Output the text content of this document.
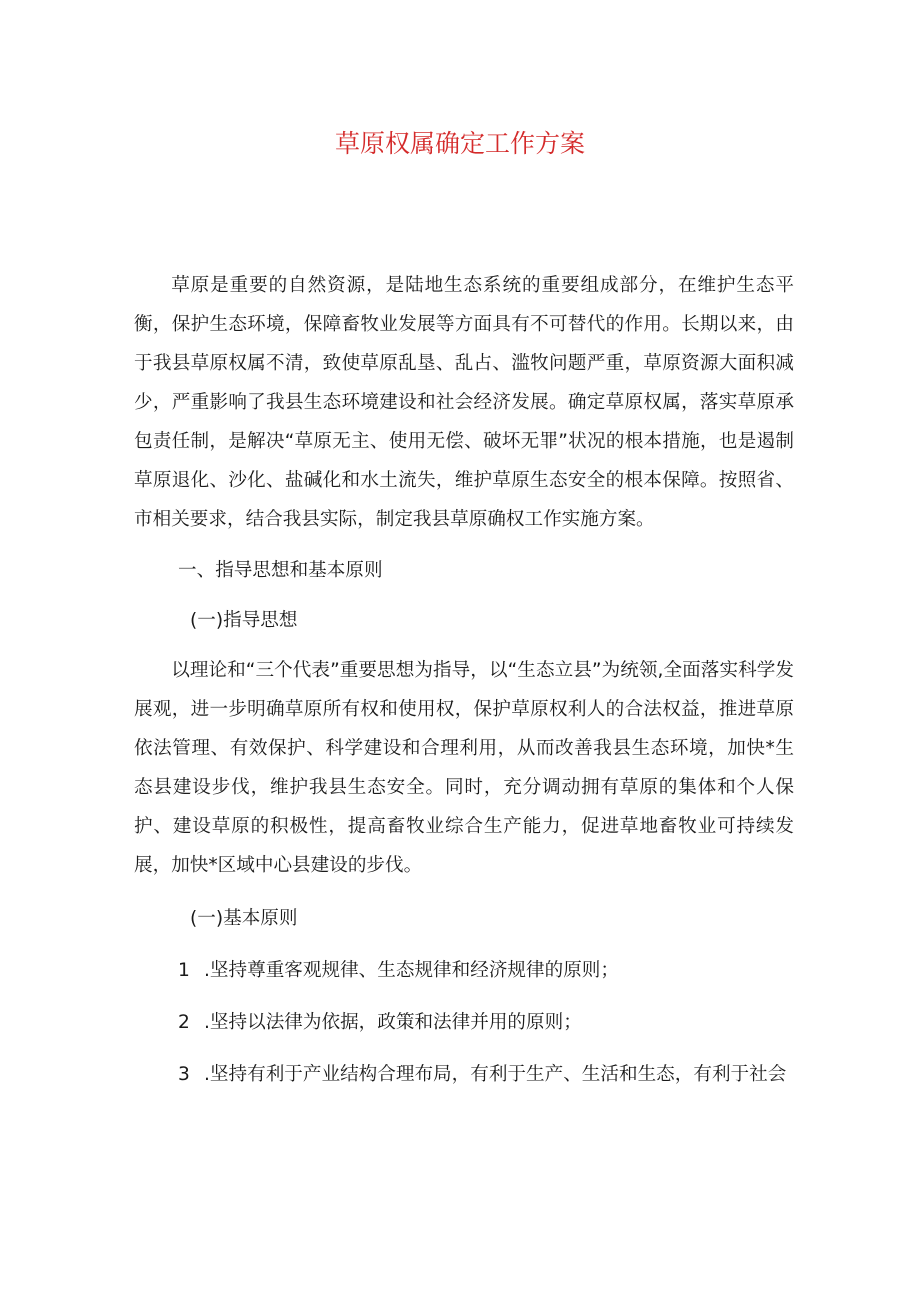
草原权属确定工作方案

草原是重要的自然资源，是陆地生态系统的重要组成部分，在维护生态平衡，保护生态环境，保障畜牧业发展等方面具有不可替代的作用。长期以来，由于我县草原权属不清，致使草原乱垦、乱占、滥牧问题严重，草原资源大面积减少，严重影响了我县生态环境建设和社会经济发展。确定草原权属，落实草原承包责任制，是解决“草原无主、使用无偿、破坏无罪”状况的根本措施，也是遏制草原退化、沙化、盐碱化和水土流失，维护草原生态安全的根本保障。按照省、市相关要求，结合我县实际，制定我县草原确权工作实施方案。

一、指导思想和基本原则
(一)指导思想

以理论和“三个代表”重要思想为指导，以“生态立县”为统领,全面落实科学发展观，进一步明确草原所有权和使用权，保护草原权利人的合法权益，推进草原依法管理、有效保护、科学建设和合理利用，从而改善我县生态环境，加快*生态县建设步伐，维护我县生态安全。同时，充分调动拥有草原的集体和个人保护、建设草原的积极性，提高畜牧业综合生产能力，促进草地畜牧业可持续发展，加快*区域中心县建设的步伐。

(一)基本原则
1 .坚持尊重客观规律、生态规律和经济规律的原则；
2 .坚持以法律为依据，政策和法律并用的原则；
3 .坚持有利于产业结构合理布局，有利于生产、生活和生态，有利于社会
